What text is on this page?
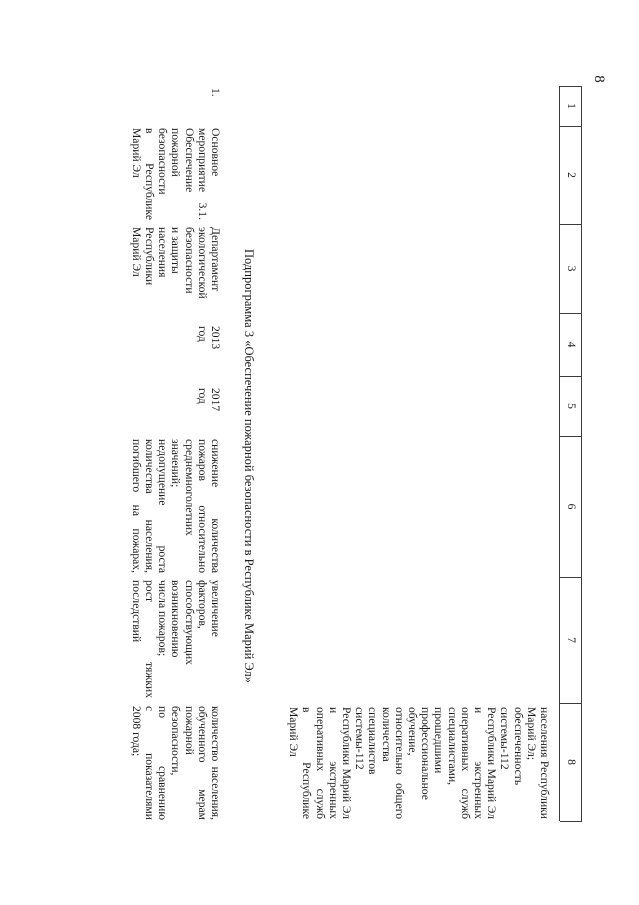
8
1
2
3
4
5
6
7
8
населения Республики
Марий Эл;
обеспеченность
системы-112
Республики Марий Эл
и экстренных
оперативных служб
специалистами,
прошедшими
профессиональное
обучение,
относительно общего
количества
специалистов
системы-112
Республики Марий Эл
и экстренных
оперативных служб
в Республике
Марий Эл
Подпрограмма 3 «Обеспечение пожарной безопасности в Республике Марий Эл»
1.
Основное
мероприятие 3.1.
Обеспечение
пожарной
безопасности
в Республике
Марий Эл
Департамент
экологической
безопасности
и защиты
населения
Республики
Марий Эл
2013
год
2017
год
снижение количества
пожаров относительно
среднемноголетних
значений;
недопущение роста
количества населения,
погибшего на пожарах,
увеличение
факторов,
способствующих
возникновению
числа пожаров;
рост тяжких
последствий
количество населения,
обученного мерам
пожарной
безопасности,
по сравнению
с показателями
2008 года;
